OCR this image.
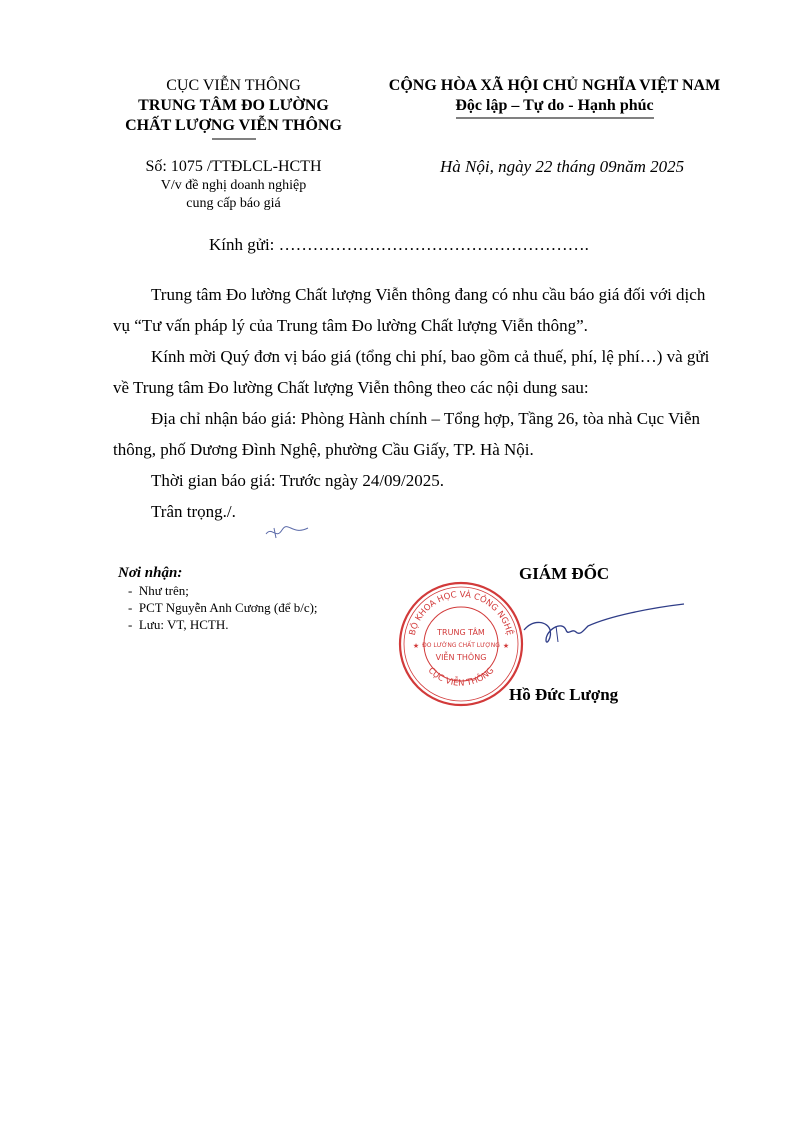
CỤC VIỄN THÔNG
TRUNG TÂM ĐO LƯỜNG
CHẤT LƯỢNG VIỄN THÔNG
CỘNG HÒA XÃ HỘI CHỦ NGHĨA VIỆT NAM
Độc lập – Tự do - Hạnh phúc
Số: 1075 /TTĐLCL-HCTH
V/v đề nghị doanh nghiệp
cung cấp báo giá
Hà Nội, ngày 22 tháng 09năm 2025
Kính gửi: ……………………………………………….
Trung tâm Đo lường Chất lượng Viễn thông đang có nhu cầu báo giá đối với dịch vụ “Tư vấn pháp lý của Trung tâm Đo lường Chất lượng Viễn thông”.
Kính mời Quý đơn vị báo giá (tổng chi phí, bao gồm cả thuế, phí, lệ phí…) và gửi về Trung tâm Đo lường Chất lượng Viễn thông theo các nội dung sau:
Địa chỉ nhận báo giá: Phòng Hành chính – Tổng hợp, Tầng 26, tòa nhà Cục Viễn thông, phố Dương Đình Nghệ, phường Cầu Giấy, TP. Hà Nội.
Thời gian báo giá: Trước ngày 24/09/2025.
Trân trọng./.
Nơi nhận:
-  Như trên;
-  PCT Nguyễn Anh Cương (để b/c);
-  Lưu: VT, HCTH.
GIÁM ĐỐC
BỘ KHOA HỌC VÀ CÔNG NGHỆ
CỤC VIỄN THÔNG
TRUNG TÂM
ĐO LƯỜNG CHẤT LƯỢNG
VIỄN THÔNG
★	★
Hồ Đức Lượng
